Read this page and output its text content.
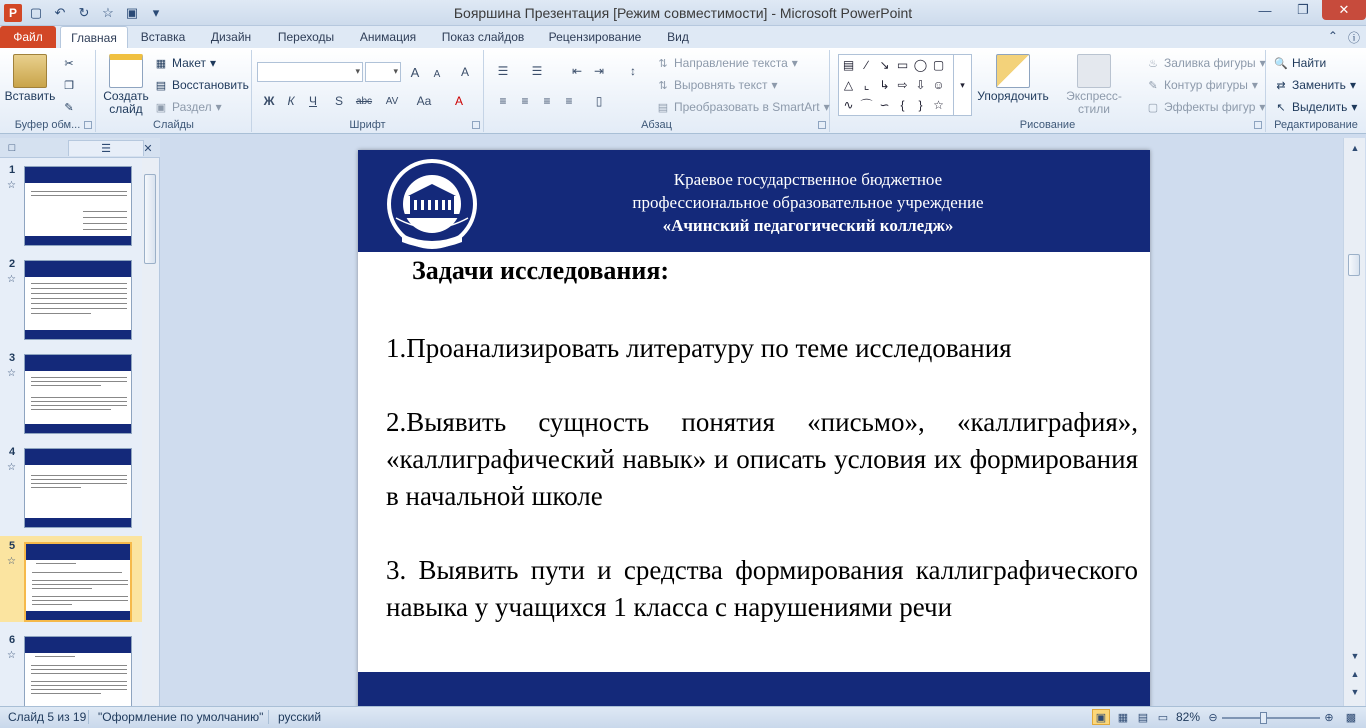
P ▢ ↶	↻ ☆ ▣	▾	Бояршина Презентация [Режим совместимости] - Microsoft PowerPoint	—	❐	✕
Файл	Главная	Вставка	Дизайн	Переходы	Анимация	Показ слайдов	Рецензирование	Вид	⌃ ⓘ
Вставить
✂
❐
✎
Буфер обм...
Создать
слайд
▦ Макет ▾
▤ Восстановить
▣ Раздел ▾
Слайды
▾	▾ A	A	A
Ж	К	Ч	S	abc	AV	Aa	A
Шрифт
☰	☰	⇤ ⇥	↕
≡	≡	≡	≡	▯
⇅ Направление текста ▾
⇅ Выровнять текст ▾
▤ Преобразовать в SmartArt ▾
Абзац
▤ ∕ ↘ ▭ ◯ ▢
△ ⌞ ↳ ⇨ ⇩ ☺
∿ ⌒ ∽ {	} ☆
▾
Упорядочить	Экспресс-стили
♨ Заливка фигуры ▾
✎ Контур фигуры ▾
▢ Эффекты фигур ▾
Рисование
🔍 Найти
⇄ Заменить ▾
↖ Выделить ▾
Редактирование
□	☰	✕
1
☆
2
☆
3
☆
4
☆
5
☆
6
☆
Краевое государственное бюджетное
профессиональное образовательное учреждение
«Ачинский педагогический колледж»
Задачи исследования:
1.Проанализировать литературу по теме исследования
2.Выявить сущность понятия «письмо», «каллиграфия», «каллиграфический навык» и описать условия их формирования в начальной школе
3. Выявить пути и средства формирования каллиграфического навыка у учащихся 1 класса с нарушениями речи
▲
▼
▲
▼
Слайд 5 из 19 "Оформление по умолчанию" русский	▣	▦ ▤ ▭ 82% ⊖	⊕	▩
